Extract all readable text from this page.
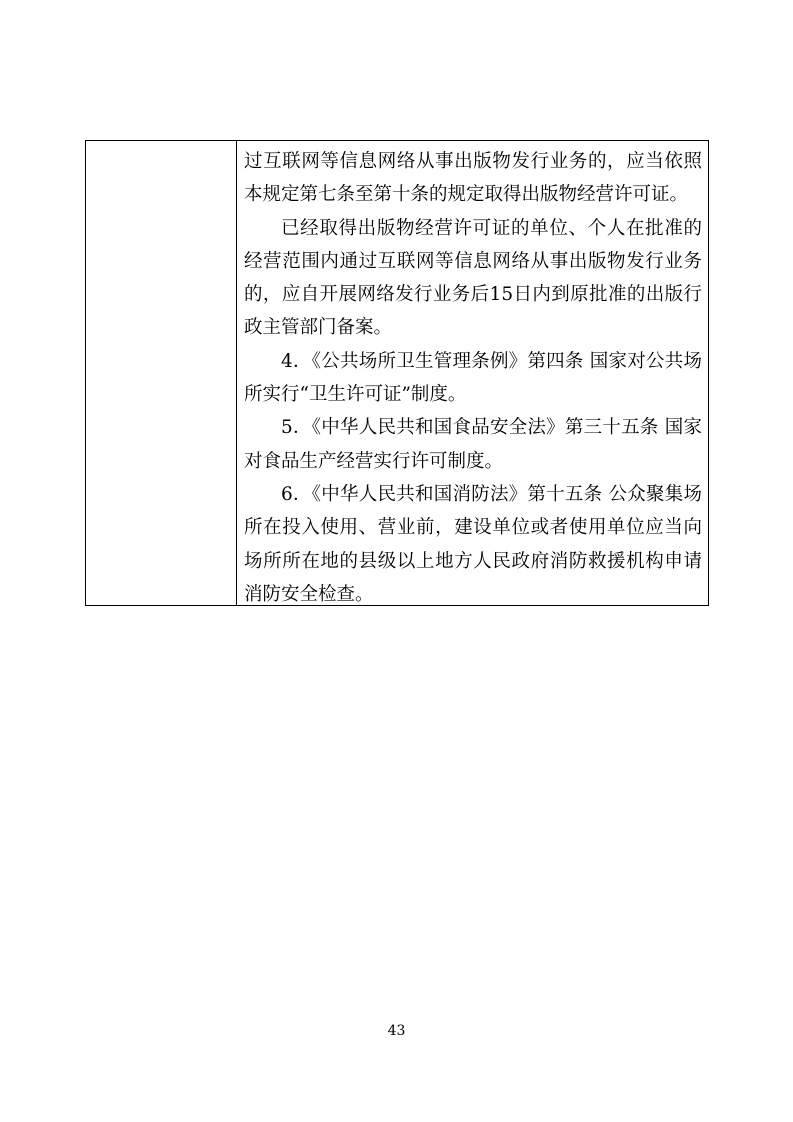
过互联网等信息网络从事出版物发行业务的，应当依照本规定第七条至第十条的规定取得出版物经营许可证。

已经取得出版物经营许可证的单位、个人在批准的经营范围内通过互联网等信息网络从事出版物发行业务的，应自开展网络发行业务后15日内到原批准的出版行政主管部门备案。

4．《公共场所卫生管理条例》第四条 国家对公共场所实行“卫生许可证”制度。

5．《中华人民共和国食品安全法》第三十五条 国家对食品生产经营实行许可制度。

6．《中华人民共和国消防法》第十五条 公众聚集场所在投入使用、营业前，建设单位或者使用单位应当向场所所在地的县级以上地方人民政府消防救援机构申请消防安全检查。

43
